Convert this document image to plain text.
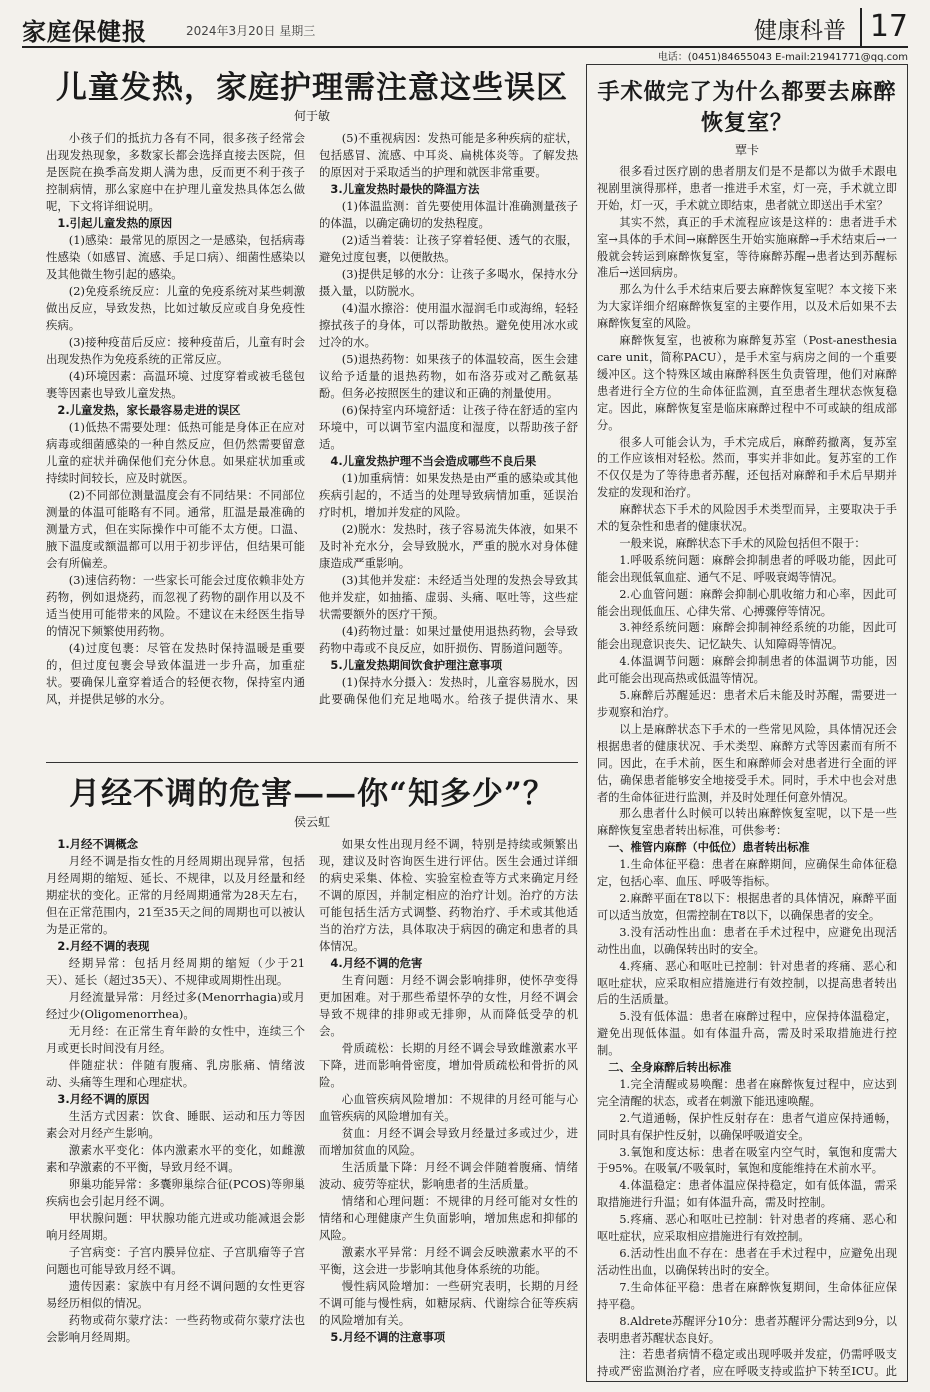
家庭保健报	2024年3月20日 星期三	健康科普 17
电话：(0451)84655043 E-mail:21941771@qq.com
儿童发热，家庭护理需注意这些误区
何于敏

小孩子们的抵抗力各有不同，很多孩子经常会出现发热现象，多数家长都会选择直接去医院，但是医院在换季高发期人满为患，反而更不利于孩子控制病情，那么家庭中在护理儿童发热具体怎么做呢，下文将详细说明。

1.引起儿童发热的原因

(1)感染：最常见的原因之一是感染，包括病毒性感染（如感冒、流感、手足口病）、细菌性感染以及其他微生物引起的感染。

(2)免疫系统反应：儿童的免疫系统对某些刺激做出反应，导致发热，比如过敏反应或自身免疫性疾病。

(3)接种疫苗后反应：接种疫苗后，儿童有时会出现发热作为免疫系统的正常反应。

(4)环境因素：高温环境、过度穿着或被毛毯包裹等因素也导致儿童发热。

2.儿童发热，家长最容易走进的误区

(1)低热不需要处理：低热可能是身体正在应对病毒或细菌感染的一种自然反应，但仍然需要留意儿童的症状并确保他们充分休息。如果症状加重或持续时间较长，应及时就医。

(2)不同部位测量温度会有不同结果：不同部位测量的体温可能略有不同。通常，肛温是最准确的测量方式，但在实际操作中可能不太方便。口温、腋下温度或额温都可以用于初步评估，但结果可能会有所偏差。

(3)速信药物：一些家长可能会过度依赖非处方药物，例如退烧药，而忽视了药物的副作用以及不适当使用可能带来的风险。不建议在未经医生指导的情况下频繁使用药物。

(4)过度包裹：尽管在发热时保持温暖是重要的，但过度包裹会导致体温进一步升高，加重症状。要确保儿童穿着适合的轻便衣物，保持室内通风，并提供足够的水分。

(5)不重视病因：发热可能是多种疾病的症状，包括感冒、流感、中耳炎、扁桃体炎等。了解发热的原因对于采取适当的护理和就医非常重要。

3.儿童发热时最快的降温方法

(1)体温监测：首先要使用体温计准确测量孩子的体温，以确定确切的发热程度。

(2)适当着装：让孩子穿着轻便、透气的衣服，避免过度包裹，以便散热。

(3)提供足够的水分：让孩子多喝水，保持水分摄入量，以防脱水。

(4)温水擦浴：使用温水湿润毛巾或海绵，轻轻擦拭孩子的身体，可以帮助散热。避免使用冰水或过冷的水。

(5)退热药物：如果孩子的体温较高，医生会建议给予适量的退热药物，如布洛芬或对乙酰氨基酚。但务必按照医生的建议和正确的剂量使用。

(6)保持室内环境舒适：让孩子待在舒适的室内环境中，可以调节室内温度和湿度，以帮助孩子舒适。

4.儿童发热护理不当会造成哪些不良后果

(1)加重病情：如果发热是由严重的感染或其他疾病引起的，不适当的处理导致病情加重，延误治疗时机，增加并发症的风险。

(2)脱水：发热时，孩子容易流失体液，如果不及时补充水分，会导致脱水，严重的脱水对身体健康造成严重影响。

(3)其他并发症：未经适当处理的发热会导致其他并发症，如抽搐、虚弱、头痛、呕吐等，这些症状需要额外的医疗干预。

(4)药物过量：如果过量使用退热药物，会导致药物中毒或不良反应，如肝损伤、胃肠道问题等。

5.儿童发热期间饮食护理注意事项

(1)保持水分摄入：发热时，儿童容易脱水，因此要确保他们充足地喝水。给孩子提供清水、果

月经不调的危害——你“知多少”？
侯云虹
1.月经不调概念

月经不调是指女性的月经周期出现异常，包括月经周期的缩短、延长、不规律，以及月经量和经期症状的变化。正常的月经周期通常为28天左右，但在正常范围内，21至35天之间的周期也可以被认为是正常的。

2.月经不调的表现

经期异常：包括月经周期的缩短（少于21天）、延长（超过35天）、不规律或周期性出现。

月经流量异常：月经过多(Menorrhagia)或月经过少(Oligomenorrhea)。

无月经：在正常生育年龄的女性中，连续三个月或更长时间没有月经。

伴随症状：伴随有腹痛、乳房胀痛、情绪波动、头痛等生理和心理症状。

3.月经不调的原因

生活方式因素：饮食、睡眠、运动和压力等因素会对月经产生影响。

激素水平变化：体内激素水平的变化，如雌激素和孕激素的不平衡，导致月经不调。

卵巢功能异常：多囊卵巢综合征(PCOS)等卵巢疾病也会引起月经不调。

甲状腺问题：甲状腺功能亢进或功能减退会影响月经周期。

子宫病变：子宫内膜异位症、子宫肌瘤等子宫问题也可能导致月经不调。

遗传因素：家族中有月经不调问题的女性更容易经历相似的情况。

药物或荷尔蒙疗法：一些药物或荷尔蒙疗法也会影响月经周期。

如果女性出现月经不调，特别是持续或频繁出现，建议及时咨询医生进行评估。医生会通过详细的病史采集、体检、实验室检查等方式来确定月经不调的原因，并制定相应的治疗计划。治疗的方法可能包括生活方式调整、药物治疗、手术或其他适当的治疗方法，具体取决于病因的确定和患者的具体情况。

4.月经不调的危害

生育问题：月经不调会影响排卵，使怀孕变得更加困难。对于那些希望怀孕的女性，月经不调会导致不规律的排卵或无排卵，从而降低受孕的机会。

骨质疏松：长期的月经不调会导致雌激素水平下降，进而影响骨密度，增加骨质疏松和骨折的风险。

心血管疾病风险增加：不规律的月经可能与心血管疾病的风险增加有关。

贫血：月经不调会导致月经量过多或过少，进而增加贫血的风险。

生活质量下降：月经不调会伴随着腹痛、情绪波动、疲劳等症状，影响患者的生活质量。

情绪和心理问题：不规律的月经可能对女性的情绪和心理健康产生负面影响，增加焦虑和抑郁的风险。

激素水平异常：月经不调会反映激素水平的不平衡，这会进一步影响其他身体系统的功能。

慢性病风险增加：一些研究表明，长期的月经不调可能与慢性病，如糖尿病、代谢综合征等疾病的风险增加有关。

5.月经不调的注意事项

手术做完了为什么都要去麻醉恢复室？
覃卡

很多看过医疗剧的患者朋友们是不是都以为做手术跟电视剧里演得那样，患者一推进手术室，灯一亮，手术就立即开始，灯一灭，手术就立即结束，患者就立即送出手术室？

其实不然，真正的手术流程应该是这样的：患者进手术室→具体的手术间→麻醉医生开始实施麻醉→手术结束后→一般就会转运到麻醉恢复室，等待麻醉苏醒→患者达到苏醒标准后→送回病房。

那么为什么手术结束后要去麻醉恢复室呢？本文接下来为大家详细介绍麻醉恢复室的主要作用，以及术后如果不去麻醉恢复室的风险。

麻醉恢复室，也被称为麻醉复苏室（Post-anesthesia care unit，简称PACU），是手术室与病房之间的一个重要缓冲区。这个特殊区域由麻醉科医生负责管理，他们对麻醉患者进行全方位的生命体征监测，直至患者生理状态恢复稳定。因此，麻醉恢复室是临床麻醉过程中不可或缺的组成部分。

很多人可能会认为，手术完成后，麻醉药撤离，复苏室的工作应该相对轻松。然而，事实并非如此。复苏室的工作不仅仅是为了等待患者苏醒，还包括对麻醉和手术后早期并发症的发现和治疗。

麻醉状态下手术的风险因手术类型而异，主要取决于手术的复杂性和患者的健康状况。

一般来说，麻醉状态下手术的风险包括但不限于：

1.呼吸系统问题：麻醉会抑制患者的呼吸功能，因此可能会出现低氧血症、通气不足、呼吸衰竭等情况。

2.心血管问题：麻醉会抑制心肌收缩力和心率，因此可能会出现低血压、心律失常、心搏骤停等情况。

3.神经系统问题：麻醉会抑制神经系统的功能，因此可能会出现意识丧失、记忆缺失、认知障碍等情况。

4.体温调节问题：麻醉会抑制患者的体温调节功能，因此可能会出现高热或低温等情况。

5.麻醉后苏醒延迟：患者术后未能及时苏醒，需要进一步观察和治疗。

以上是麻醉状态下手术的一些常见风险，具体情况还会根据患者的健康状况、手术类型、麻醉方式等因素而有所不同。因此，在手术前，医生和麻醉师会对患者进行全面的评估，确保患者能够安全地接受手术。同时，手术中也会对患者的生命体征进行监测，并及时处理任何意外情况。

那么患者什么时候可以转出麻醉恢复室呢，以下是一些麻醉恢复室患者转出标准，可供参考：

一、椎管内麻醉（中低位）患者转出标准

1.生命体征平稳：患者在麻醉期间，应确保生命体征稳定，包括心率、血压、呼吸等指标。

2.麻醉平面在T8以下：根据患者的具体情况，麻醉平面可以适当放宽，但需控制在T8以下，以确保患者的安全。

3.没有活动性出血：患者在手术过程中，应避免出现活动性出血，以确保转出时的安全。

4.疼痛、恶心和呕吐已控制：针对患者的疼痛、恶心和呕吐症状，应采取相应措施进行有效控制，以提高患者转出后的生活质量。

5.没有低体温：患者在麻醉过程中，应保持体温稳定，避免出现低体温。如有体温升高，需及时采取措施进行控制。

二、全身麻醉后转出标准

1.完全清醒或易唤醒：患者在麻醉恢复过程中，应达到完全清醒的状态，或者在刺激下能迅速唤醒。

2.气道通畅，保护性反射存在：患者气道应保持通畅，同时具有保护性反射，以确保呼吸道安全。

3.氧饱和度达标：患者在吸室内空气时，氧饱和度需大于95%。在吸氧/不吸氧时，氧饱和度能维持在术前水平。

4.体温稳定：患者体温应保持稳定，如有低体温，需采取措施进行升温；如有体温升高，需及时控制。

5.疼痛、恶心和呕吐已控制：针对患者的疼痛、恶心和呕吐症状，应采取相应措施进行有效控制。

6.活动性出血不存在：患者在手术过程中，应避免出现活动性出血，以确保转出时的安全。

7.生命体征平稳：患者在麻醉恢复期间，生命体征应保持平稳。

8.Aldrete苏醒评分10分：患者苏醒评分需达到9分，以表明患者苏醒状态良好。

注：若患者病情不稳定或出现呼吸并发症，仍需呼吸支持或严密监测治疗者，应在呼吸支持或监护下转至ICU。此
